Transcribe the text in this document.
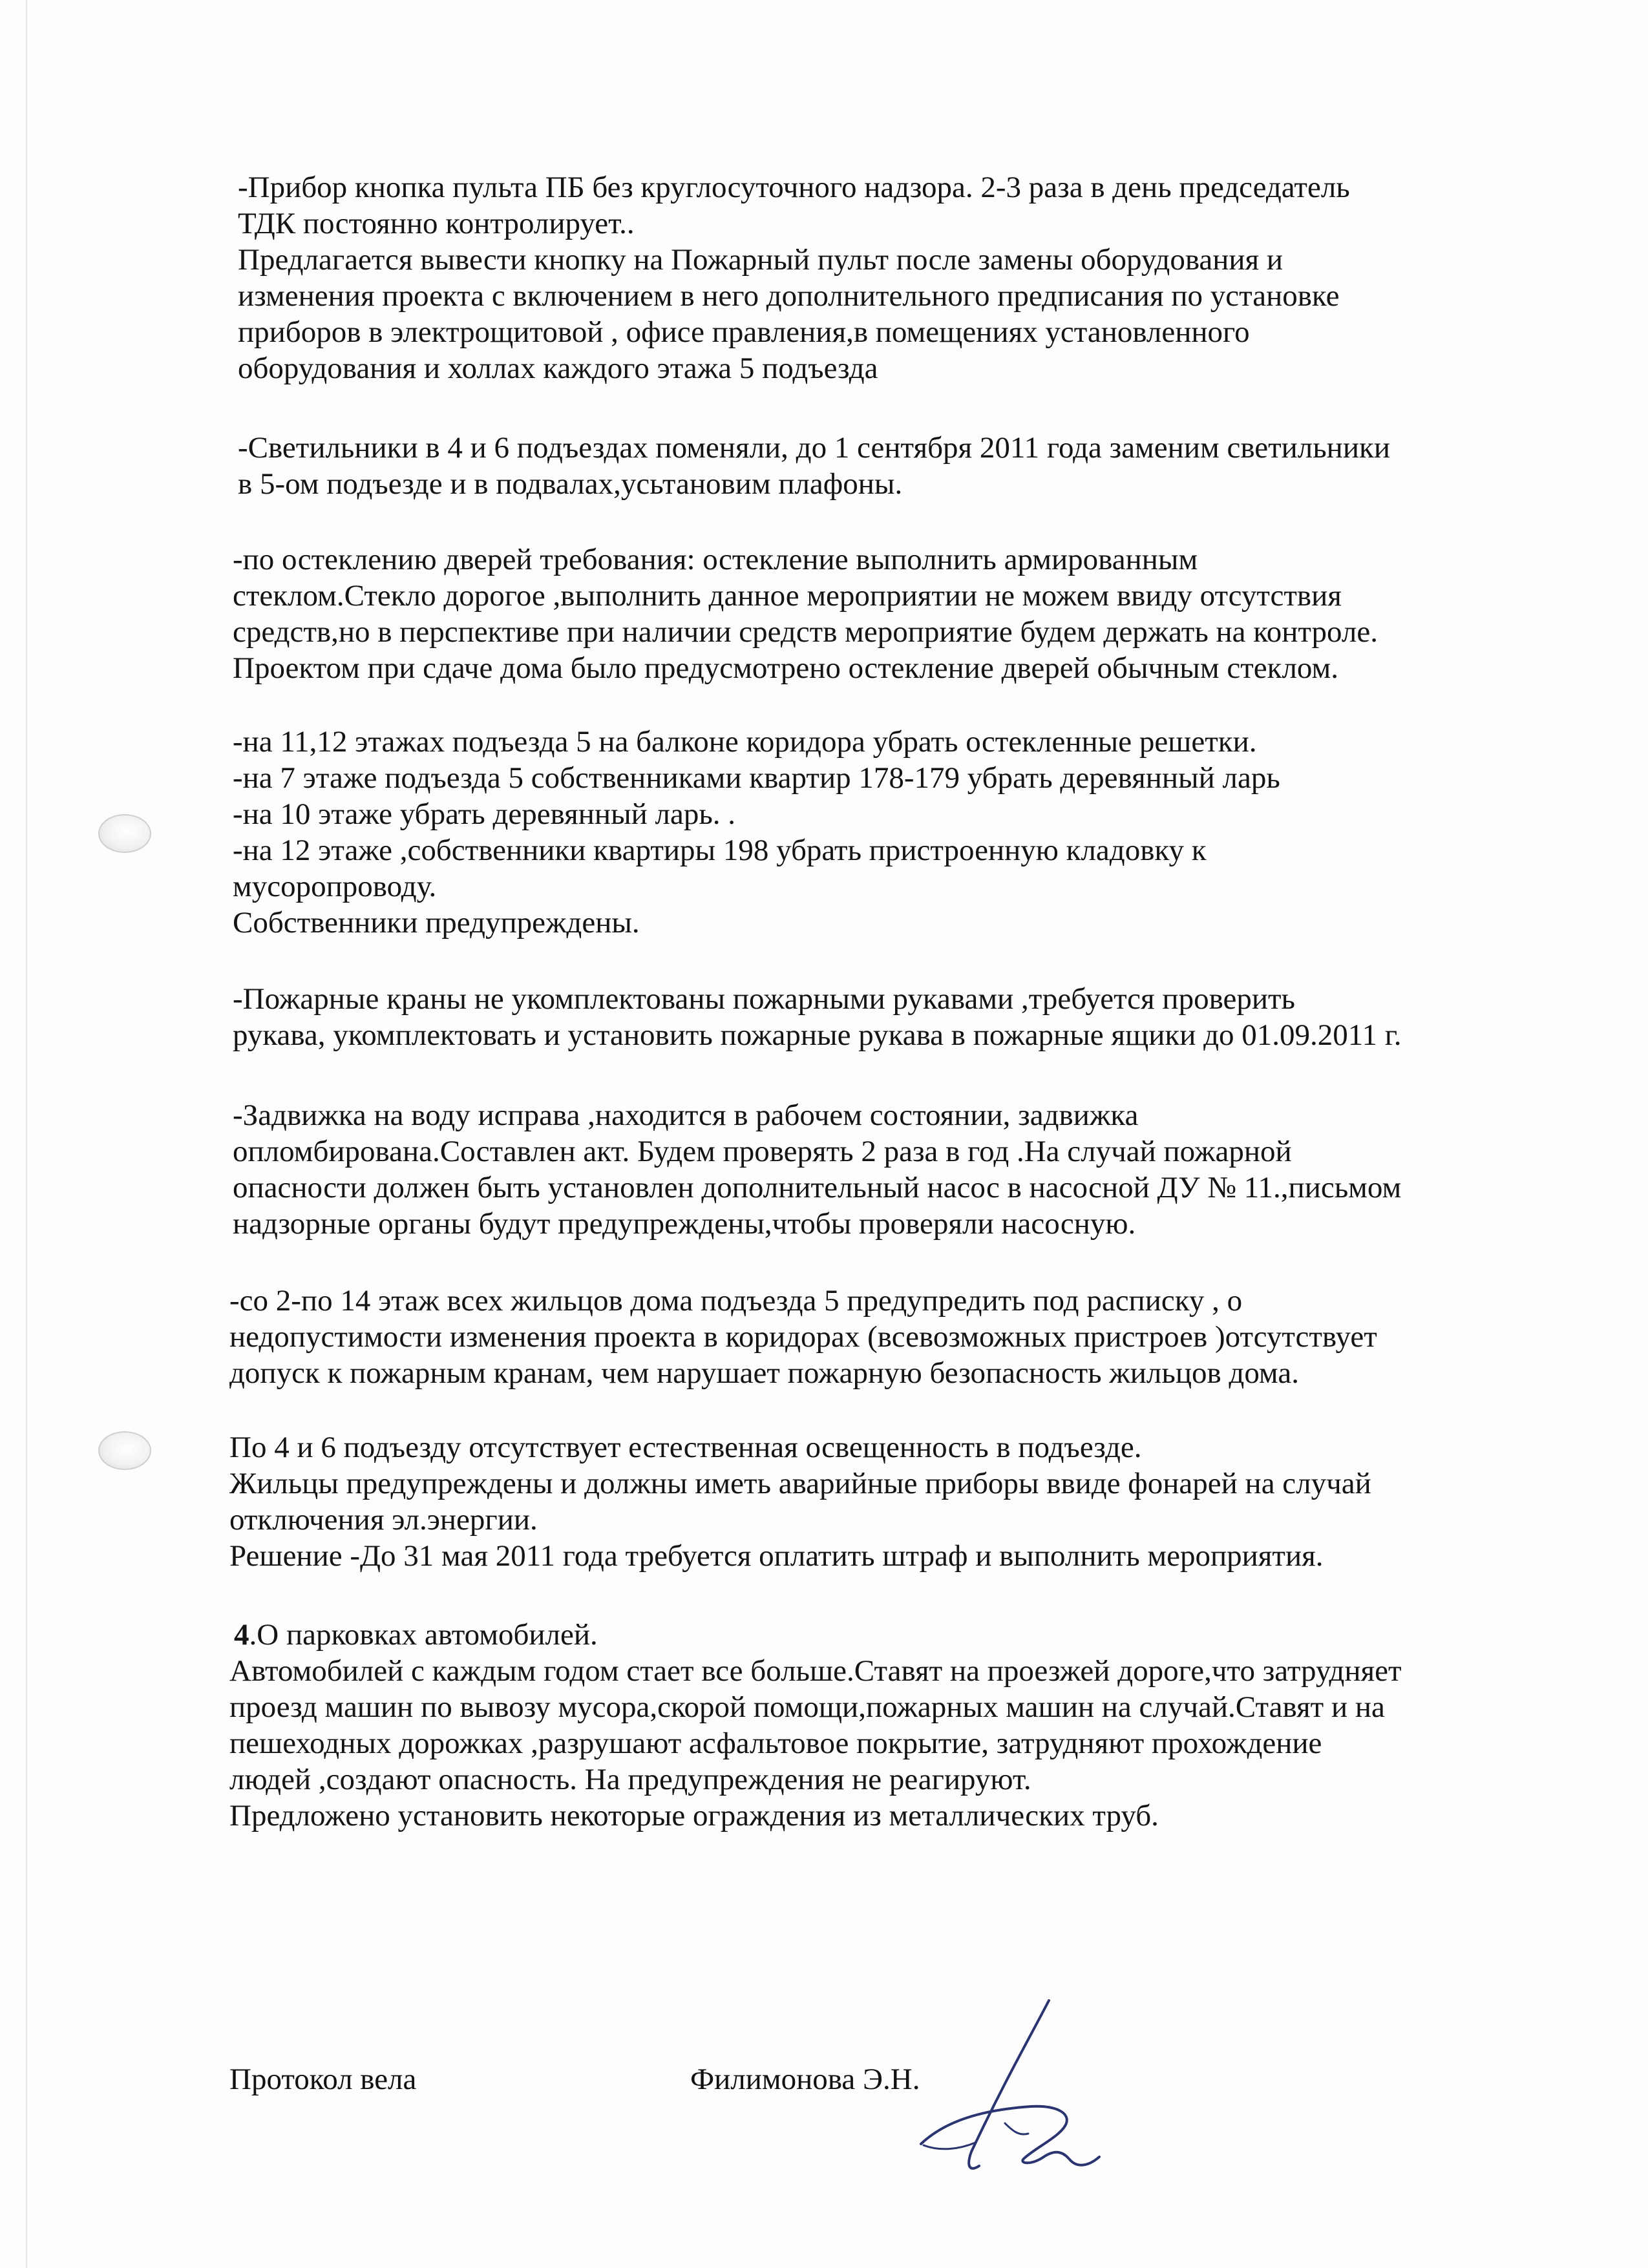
-Прибор кнопка пульта ПБ без круглосуточного надзора. 2-3 раза в день председатель
ТДК постоянно контролирует..
Предлагается вывести кнопку на Пожарный пульт после замены оборудования и
изменения проекта с включением в него дополнительного предписания по установке
приборов в электрощитовой , офисе правления,в помещениях установленного
оборудования и холлах каждого этажа 5 подъезда
-Светильники в 4 и 6 подъездах поменяли, до 1 сентября 2011 года заменим светильники
в 5-ом подъезде и в подвалах,усьтановим плафоны.
-по остеклению дверей требования: остекление выполнить армированным
стеклом.Стекло дорогое ,выполнить данное мероприятии не можем ввиду отсутствия
средств,но в перспективе при наличии средств мероприятие будем держать на контроле.
Проектом при сдаче дома было предусмотрено остекление дверей обычным стеклом.
-на 11,12 этажах подъезда 5 на балконе коридора убрать остекленные решетки.
-на 7 этаже подъезда 5 собственниками квартир 178-179 убрать деревянный ларь
-на 10 этаже убрать деревянный ларь. .
-на 12 этаже ,собственники квартиры 198 убрать пристроенную кладовку к
мусоропроводу.
Собственники предупреждены.
-Пожарные краны не укомплектованы пожарными рукавами ,требуется проверить
рукава, укомплектовать и установить пожарные рукава в пожарные ящики до 01.09.2011 г.
-Задвижка на воду исправа ,находится в рабочем состоянии, задвижка
опломбирована.Составлен акт. Будем проверять 2 раза в год .На случай пожарной
опасности должен быть установлен дополнительный насос в насосной ДУ № 11.,письмом
надзорные органы будут предупреждены,чтобы проверяли насосную.
-со 2-по 14 этаж всех жильцов дома подъезда 5 предупредить под расписку , о
недопустимости изменения проекта в коридорах (всевозможных пристроев )отсутствует
допуск к пожарным кранам, чем нарушает пожарную безопасность жильцов дома.
По 4 и 6 подъезду отсутствует естественная освещенность в подъезде.
Жильцы предупреждены и должны иметь аварийные приборы ввиде фонарей на случай
отключения эл.энергии.
Решение -До 31 мая 2011 года требуется оплатить штраф и выполнить мероприятия.
4.О парковках автомобилей.
Автомобилей с каждым годом стает все больше.Ставят на проезжей дороге,что затрудняет
проезд машин по вывозу мусора,скорой помощи,пожарных машин на случай.Ставят и на
пешеходных дорожках ,разрушают асфальтовое покрытие, затрудняют прохождение
людей ,создают опасность. На предупреждения не реагируют.
Предложено установить некоторые ограждения из металлических труб.
Протокол вела	Филимонова Э.Н.
